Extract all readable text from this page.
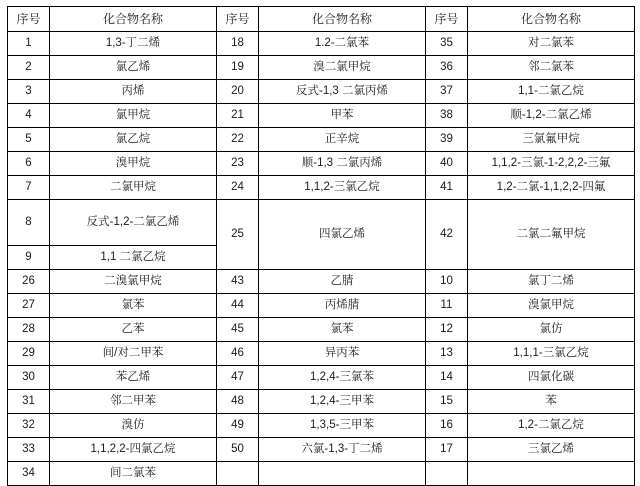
序号	化合物名称	序号	化合物名称	序号	化合物名称
1	1,3-丁二烯	18	1.2-二氯苯	35	对二氯苯
2	氯乙烯	19	溴二氯甲烷	36	邻二氯苯
3	丙烯	20	反式-1,3 二氯丙烯	37	1,1-二氯乙烷
4	氯甲烷	21	甲苯	38	顺-1,2-二氯乙烯
5	氯乙烷	22	正辛烷	39	三氯氟甲烷
6	溴甲烷	23	顺-1,3 二氯丙烯	40	1,1,2-三氯-1-2,2,2-三氟
7	二氯甲烷	24	1,1,2-三氯乙烷	41	1,2-二氯-1,1,2,2-四氟
8	反式-1,2-二氯乙烯	25	四氯乙烯	42	二氯二氟甲烷
9	1,1 二氯乙烷				
26	二溴氯甲烷	43	乙腈	10	氯丁二烯
27	氯苯	44	丙烯腈	11	溴氯甲烷
28	乙苯	45	氯苯	12	氯仿
29	间/对二甲苯	46	异丙苯	13	1,1,1-三氯乙烷
30	苯乙烯	47	1,2,4-三氯苯	14	四氯化碳
31	邻二甲苯	48	1,2,4-三甲苯	15	苯
32	溴仿	49	1,3,5-三甲苯	16	1,2-二氯乙烷
33	1,1,2,2-四氯乙烷	50	六氯-1,3-丁二烯	17	三氯乙烯
34	间二氯苯				
